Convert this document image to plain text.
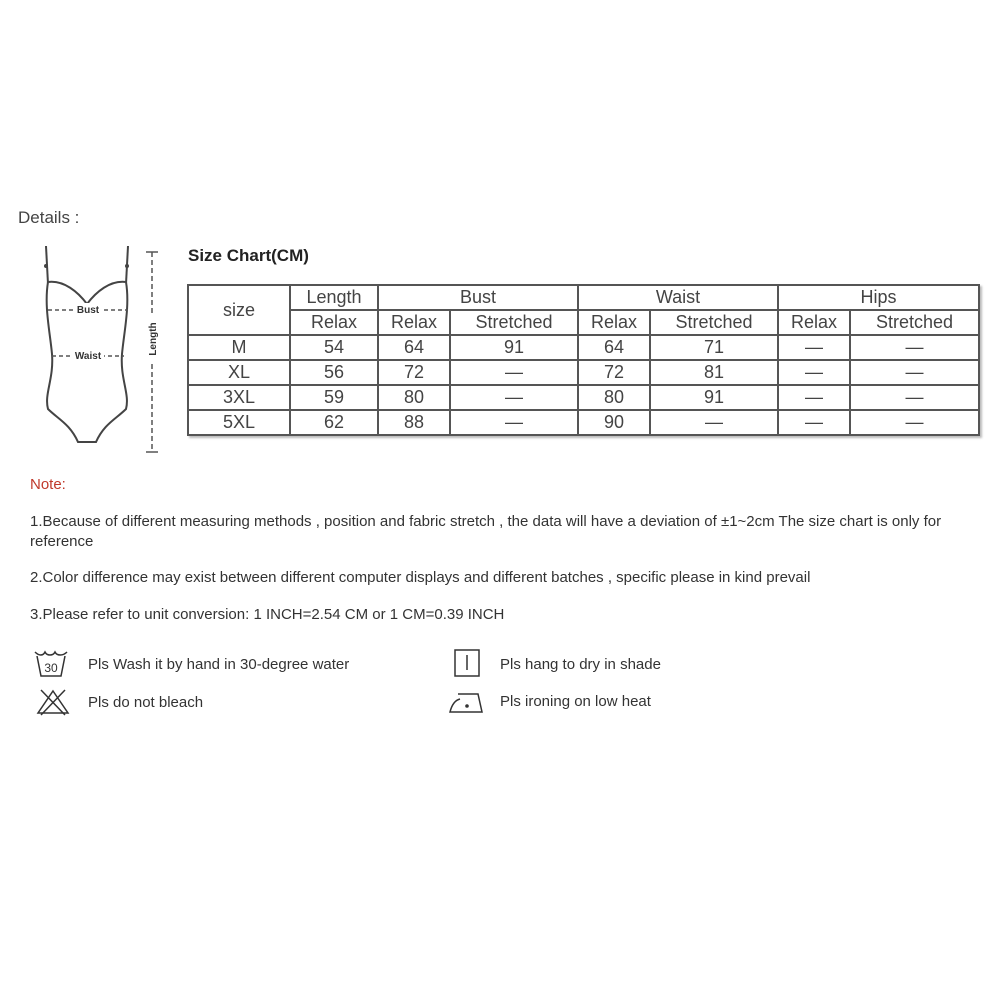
Details :
Bust
Waist
Length
Size Chart(CM)
size	Length	Bust		Waist		Hips	
	Relax	Relax	Stretched	Relax	Stretched	Relax	Stretched
M	54	64	91	64	71	—	—
XL	56	72	—	72	81	—	—
3XL	59	80	—	80	91	—	—
5XL	62	88	—	90	—	—	—
Note:
1.Because of different measuring methods , position and fabric stretch , the data will have a deviation of ±1~2cm The size chart is only for reference
2.Color difference may exist between different computer displays and different batches , specific please in kind prevail
3.Please refer to unit conversion: 1 INCH=2.54 CM or 1 CM=0.39 INCH
30 Pls Wash it by hand in 30-degree water	Pls hang to dry in shade
Pls do not bleach	Pls ironing on low heat
